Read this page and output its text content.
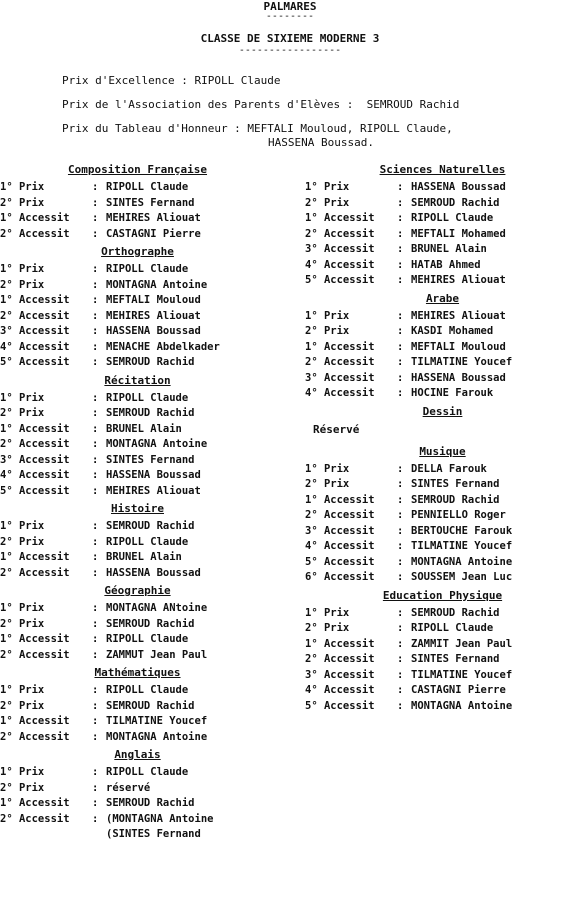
PALMARES
--------
CLASSE DE SIXIEME MODERNE 3
-----------------
Prix d'Excellence : RIPOLL Claude
Prix de l'Association des Parents d'Elèves :  SEMROUD Rachid
Prix du Tableau d'Honneur : MEFTALI Mouloud, RIPOLL Claude,
HASSENA Boussad.
Composition Française
1° Prix	: RIPOLL Claude
2° Prix	: SINTES Fernand
1° Accessit	: MEHIRES Aliouat
2° Accessit	: CASTAGNI Pierre
Orthographe
1° Prix	: RIPOLL Claude
2° Prix	: MONTAGNA Antoine
1° Accessit	: MEFTALI Mouloud
2° Accessit	: MEHIRES Aliouat
3° Accessit	: HASSENA Boussad
4° Accessit	: MENACHE Abdelkader
5° Accessit	: SEMROUD Rachid
Récitation
1° Prix	: RIPOLL Claude
2° Prix	: SEMROUD Rachid
1° Accessit	: BRUNEL Alain
2° Accessit	: MONTAGNA Antoine
3° Accessit	: SINTES Fernand
4° Accessit	: HASSENA Boussad
5° Accessit	: MEHIRES Aliouat
Histoire
1° Prix	: SEMROUD Rachid
2° Prix	: RIPOLL Claude
1° Accessit	: BRUNEL Alain
2° Accessit	: HASSENA Boussad
Géographie
1° Prix	: MONTAGNA ANtoine
2° Prix	: SEMROUD Rachid
1° Accessit	: RIPOLL Claude
2° Accessit	: ZAMMUT Jean Paul
Mathématiques
1° Prix	: RIPOLL Claude
2° Prix	: SEMROUD Rachid
1° Accessit	: TILMATINE Youcef
2° Accessit	: MONTAGNA Antoine
Anglais
1° Prix	: RIPOLL Claude
2° Prix	: réservé
1° Accessit	: SEMROUD Rachid
2° Accessit	: (MONTAGNA Antoine
(SINTES Fernand
Sciences Naturelles
1° Prix	: HASSENA Boussad
2° Prix	: SEMROUD Rachid
1° Accessit	: RIPOLL Claude
2° Accessit	: MEFTALI Mohamed
3° Accessit	: BRUNEL Alain
4° Accessit	: HATAB Ahmed
5° Accessit	: MEHIRES Aliouat
Arabe
1° Prix	: MEHIRES Aliouat
2° Prix	: KASDI Mohamed
1° Accessit	: MEFTALI Mouloud
2° Accessit	: TILMATINE Youcef
3° Accessit	: HASSENA Boussad
4° Accessit	: HOCINE Farouk
Dessin
Réservé
Musique
1° Prix	: DELLA Farouk
2° Prix	: SINTES Fernand
1° Accessit	: SEMROUD Rachid
2° Accessit	: PENNIELLO Roger
3° Accessit	: BERTOUCHE Farouk
4° Accessit	: TILMATINE Youcef
5° Accessit	: MONTAGNA Antoine
6° Accessit	: SOUSSEM Jean Luc
Education Physique
1° Prix	: SEMROUD Rachid
2° Prix	: RIPOLL Claude
1° Accessit	: ZAMMIT Jean Paul
2° Accessit	: SINTES Fernand
3° Accessit	: TILMATINE Youcef
4° Accessit	: CASTAGNI Pierre
5° Accessit	: MONTAGNA Antoine
